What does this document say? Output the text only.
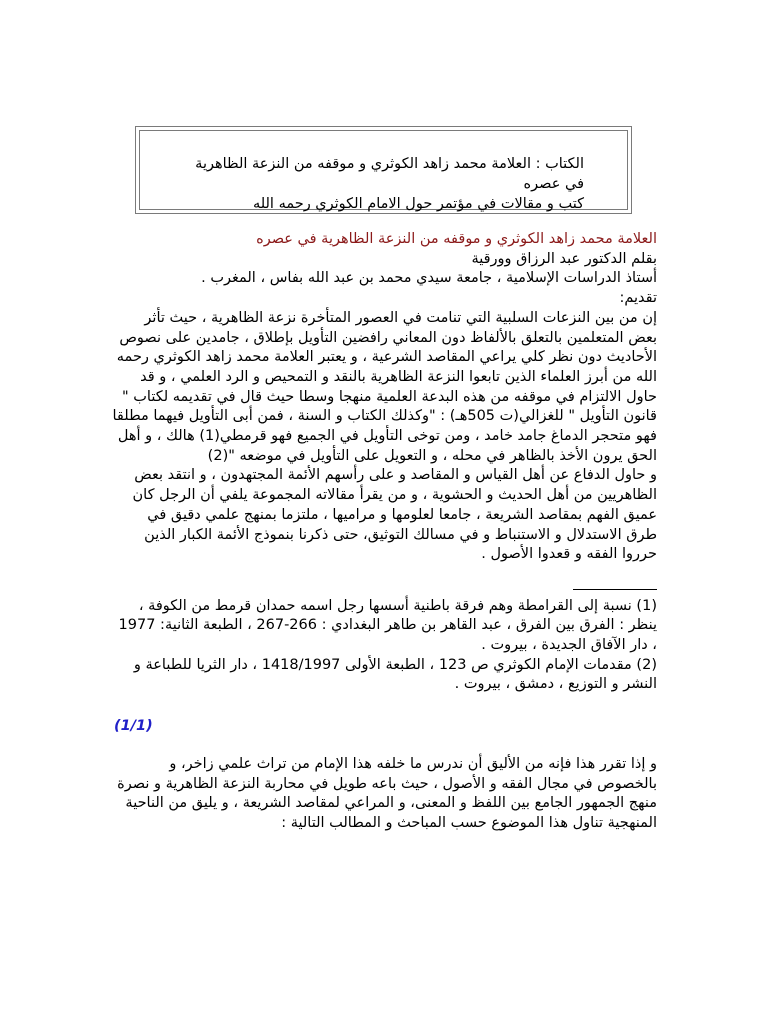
الكتاب : العلامة محمد زاهد الكوثري و موقفه من النزعة الظاهرية في عصره
كتب و مقالات في مؤتمر حول الامام الكوثري رحمه الله

العلامة محمد زاهد الكوثري و موقفه من النزعة الظاهرية في عصره

بقلم الدكتور عبد الرزاق وورقية

أستاذ الدراسات الإسلامية ، جامعة سيدي محمد بن عبد الله بفاس ، المغرب .

تقديم:

إن من بين النزعات السلبية التي تنامت في العصور المتأخرة نزعة الظاهرية ، حيث تأثر بعض المتعلمين بالتعلق بالألفاظ دون المعاني رافضين التأويل بإطلاق ، جامدين على نصوص الأحاديث دون نظر كلي يراعي المقاصد الشرعية ، و يعتبر العلامة محمد زاهد الكوثري رحمه الله من أبرز العلماء الذين تابعوا النزعة الظاهرية بالنقد و التمحيص و الرد العلمي ، و قد حاول الالتزام في موقفه من هذه البدعة العلمية منهجا وسطا حيث قال في تقديمه لكتاب " قانون التأويل " للغزالي(ت 505هـ) : "وكذلك الكتاب و السنة ، فمن أبى التأويل فيهما مطلقا فهو متحجر الدماغ جامد خامد ، ومن توخى التأويل في الجميع فهو قرمطي(1) هالك ، و أهل الحق يرون الأخذ بالظاهر في محله ، و التعويل على التأويل في موضعه "(2)

و حاول الدفاع عن أهل القياس و المقاصد و على رأسهم الأئمة المجتهدون ، و انتقد بعض الظاهريين من أهل الحديث و الحشوية ، و من يقرأ مقالاته المجموعة يلفي أن الرجل كان عميق الفهم بمقاصد الشريعة ، جامعا لعلومها و مراميها ، ملتزما بمنهج علمي دقيق في طرق الاستدلال و الاستنباط و في مسالك التوثيق، حتى ذكرنا بنموذج الأئمة الكبار الذين حرروا الفقه و قعدوا الأصول .

(1) نسبة إلى القرامطة وهم فرقة باطنية أسسها رجل اسمه حمدان قرمط من الكوفة ، ينظر : الفرق بين الفرق ، عبد القاهر بن طاهر البغدادي : 266-267 ، الطبعة الثانية: 1977 ، دار الآفاق الجديدة ، بيروت .

(2) مقدمات الإمام الكوثري ص 123 ، الطبعة الأولى 1418/1997 ، دار الثريا للطباعة و النشر و التوزيع ، دمشق ، بيروت .

(1/1)

و إذا تقرر هذا فإنه من الأليق أن ندرس ما خلفه هذا الإمام من تراث علمي زاخر، و بالخصوص في مجال الفقه و الأصول ، حيث باعه طويل في محاربة النزعة الظاهرية و نصرة منهج الجمهور الجامع بين اللفظ و المعنى، و المراعي لمقاصد الشريعة ، و يليق من الناحية المنهجية تناول هذا الموضوع حسب المباحث و المطالب التالية :
